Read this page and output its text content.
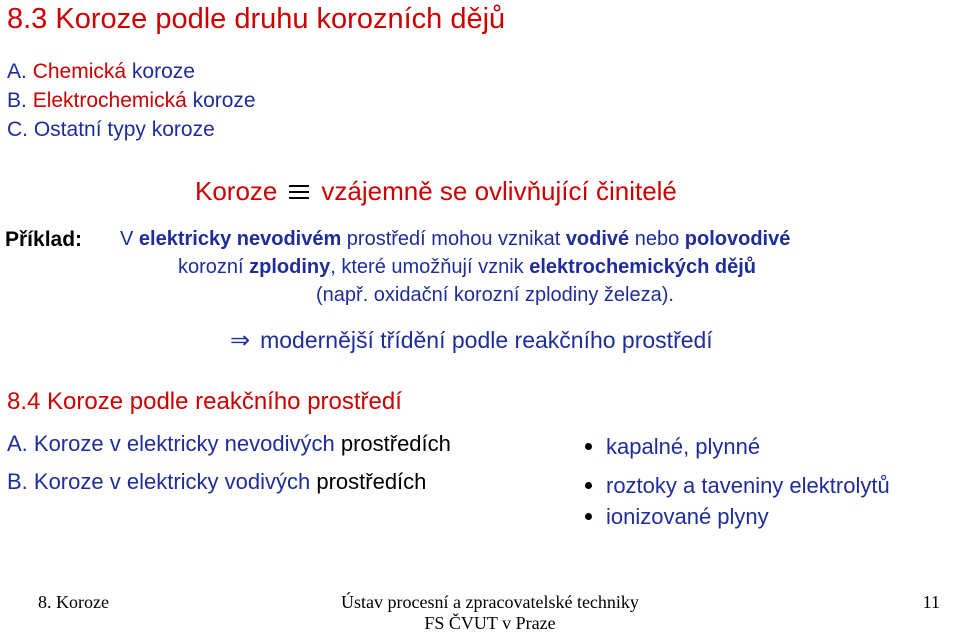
8.3 Koroze podle druhu korozních dějů
A. Chemická koroze
B. Elektrochemická koroze
C. Ostatní typy koroze
Koroze vzájemně se ovlivňující činitelé
Příklad: V elektricky nevodivém prostředí mohou vznikat vodivé nebo polovodivé
korozní zplodiny, které umožňují vznik elektrochemických dějů
(např. oxidační korozní zplodiny železa).
⇒ modernější třídění podle reakčního prostředí
8.4 Koroze podle reakčního prostředí
A. Koroze v elektricky nevodivých prostředích
B. Koroze v elektricky vodivých prostředích
kapalné, plynné
roztoky a taveniny elektrolytů
ionizované plyny
8. Koroze	Ústav procesní a zpracovatelské techniky
FS ČVUT v Praze
11
